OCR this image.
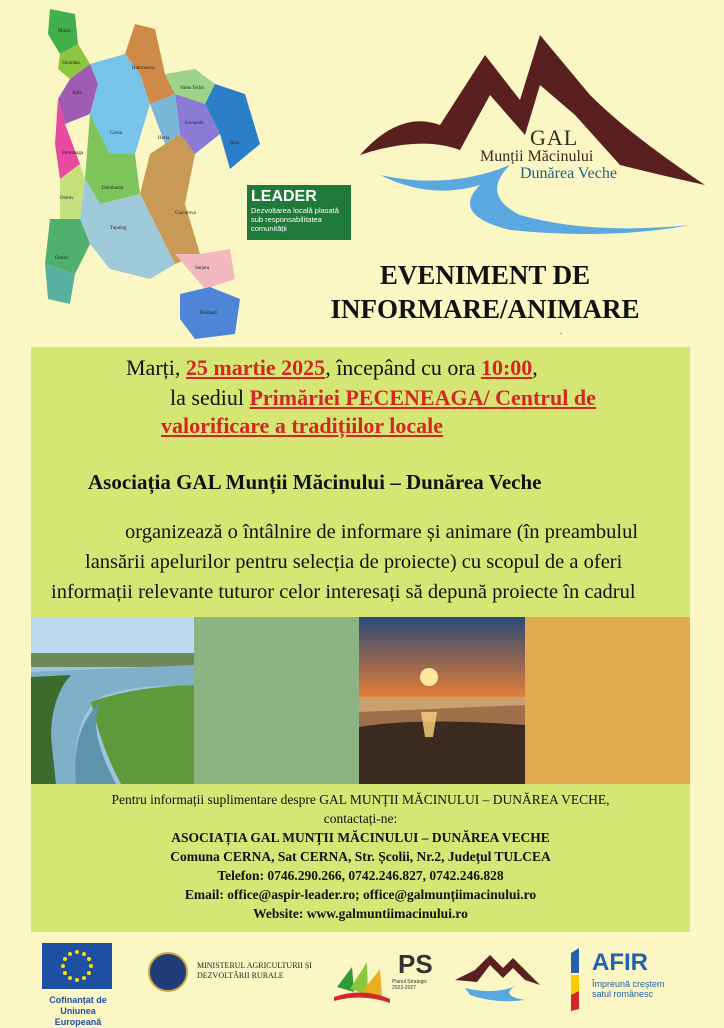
Macin
Smardan
Jijila
Cerna
Hamcearca
Valea Teilor
Izvoarele
Horia
Baia
Peceneaga
Dorobantu
Ostrov
Ciucurova
Topolog
Ostrov
Stejaru
Beidaud
LEADER
Dezvoltarea locală plasată sub responsabilitatea comunității
GAL
Munții Măcinului
Dunărea Veche
EVENIMENT DE
INFORMARE/ANIMARE
.
Marți, 25 martie 2025, începând cu ora 10:00,
la sediul Primăriei PECENEAGA/ Centrul de
valorificare a tradițiilor locale
Asociația GAL Munții Măcinului – Dunărea Veche
organizează o întâlnire de informare și animare (în preambulul
lansării apelurilor pentru selecția de proiecte) cu scopul de a oferi
informații relevante tuturor celor interesați să depună proiecte în cadrul
Pentru informații suplimentare despre GAL MUNȚII MĂCINULUI – DUNĂREA VECHE,
contactați-ne:
ASOCIAȚIA GAL MUNȚII MĂCINULUI – DUNĂREA VECHE
Comuna CERNA, Sat CERNA, Str. Școlii, Nr.2, Județul TULCEA
Telefon: 0746.290.266, 0742.246.827, 0742.246.828
Email: office@aspir-leader.ro; office@galmunțiimacinului.ro
Website: www.galmuntiimacinului.ro
Cofinanțat de
Uniunea Europeană
MINISTERUL AGRICULTURII ȘI
DEZVOLTĂRII RURALE	PS
Planul Strategic
2023-2027
AFIR
Împreună creștem
satul românesc
